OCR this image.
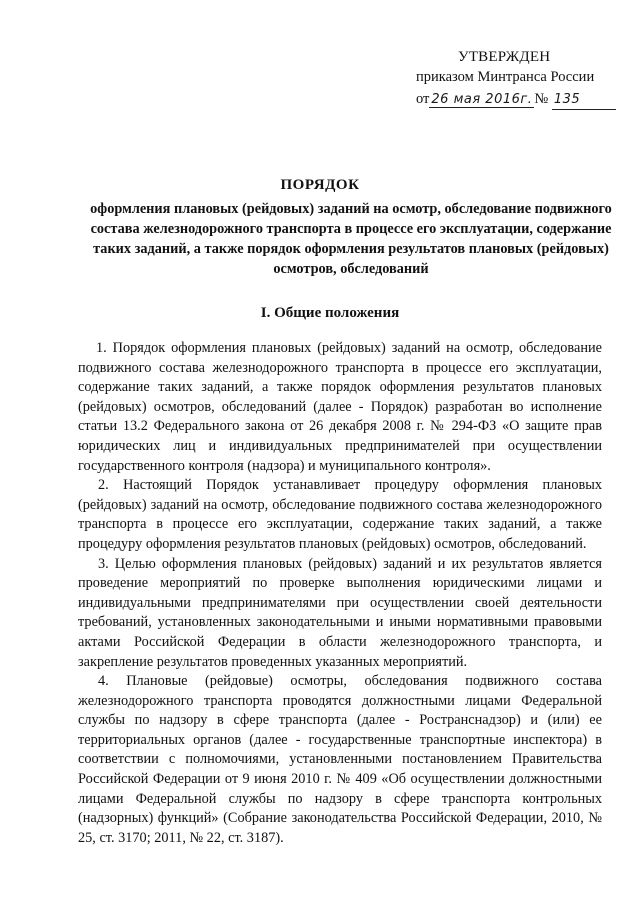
УТВЕРЖДЕН
приказом Минтранса России
от 26 мая 2016г. № 135
ПОРЯДОК
оформления плановых (рейдовых) заданий на осмотр, обследование подвижного состава железнодорожного транспорта в процессе его эксплуатации, содержание таких заданий, а также порядок оформления результатов плановых (рейдовых) осмотров, обследований
I. Общие положения

1. Порядок оформления плановых (рейдовых) заданий на осмотр, обследование подвижного состава железнодорожного транспорта в процессе его эксплуатации, содержание таких заданий, а также порядок оформления результатов плановых (рейдовых) осмотров, обследований (далее - Порядок) разработан во исполнение статьи 13.2 Федерального закона от 26 декабря 2008 г. № 294-ФЗ «О защите прав юридических лиц и индивидуальных предпринимателей при осуществлении государственного контроля (надзора) и муниципального контроля».

2. Настоящий Порядок устанавливает процедуру оформления плановых (рейдовых) заданий на осмотр, обследование подвижного состава железнодорожного транспорта в процессе его эксплуатации, содержание таких заданий, а также процедуру оформления результатов плановых (рейдовых) осмотров, обследований.

3. Целью оформления плановых (рейдовых) заданий и их результатов является проведение мероприятий по проверке выполнения юридическими лицами и индивидуальными предпринимателями при осуществлении своей деятельности требований, установленных законодательными и иными нормативными правовыми актами Российской Федерации в области железнодорожного транспорта, и закрепление результатов проведенных указанных мероприятий.

4. Плановые (рейдовые) осмотры, обследования подвижного состава железнодорожного транспорта проводятся должностными лицами Федеральной службы по надзору в сфере транспорта (далее - Ространснадзор) и (или) ее территориальных органов (далее - государственные транспортные инспектора) в соответствии с полномочиями, установленными постановлением Правительства Российской Федерации от 9 июня 2010 г. № 409 «Об осуществлении должностными лицами Федеральной службы по надзору в сфере транспорта контрольных (надзорных) функций» (Собрание законодательства Российской Федерации, 2010, № 25, ст. 3170; 2011, № 22, ст. 3187).
